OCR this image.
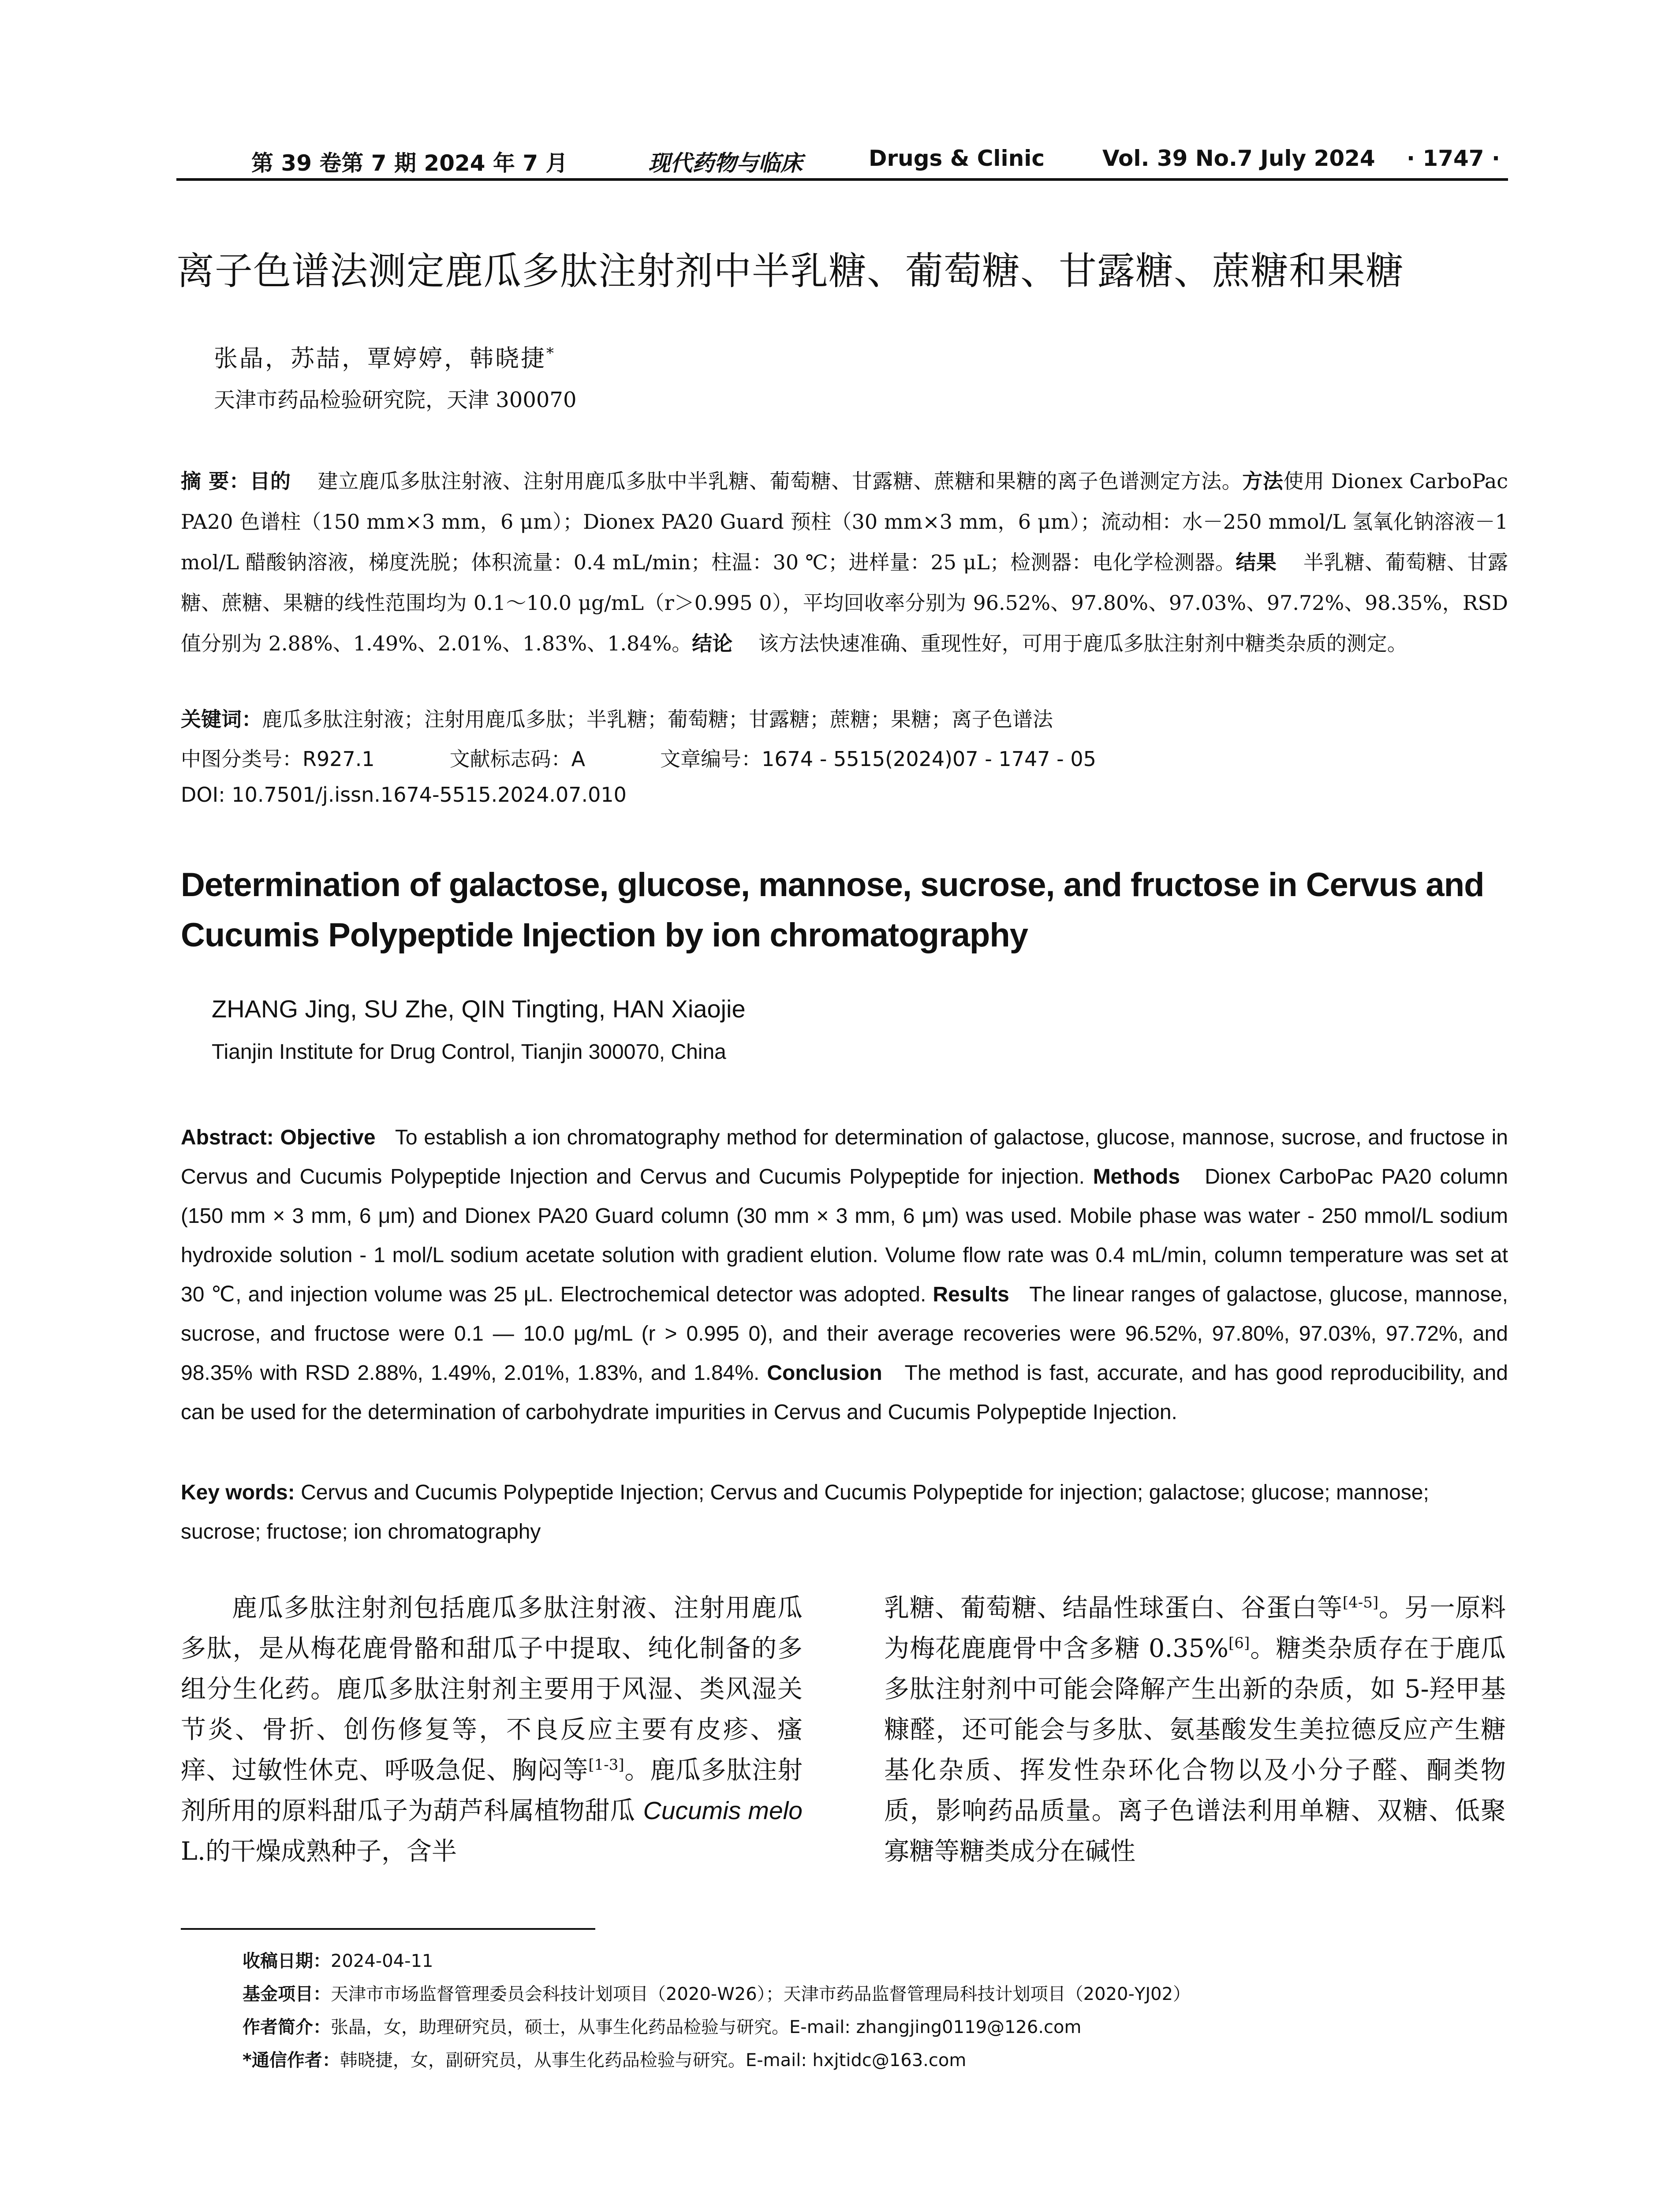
第 39 卷第 7 期 2024 年 7 月	现代药物与临床	Drugs & Clinic	Vol. 39 No.7 July 2024 · 1747 ·
离子色谱法测定鹿瓜多肽注射剂中半乳糖、葡萄糖、甘露糖、蔗糖和果糖
张晶，苏喆，覃婷婷，韩晓捷*
天津市药品检验研究院，天津 300070
摘 要：目的 建立鹿瓜多肽注射液、注射用鹿瓜多肽中半乳糖、葡萄糖、甘露糖、蔗糖和果糖的离子色谱测定方法。方法使用 Dionex CarboPac PA20 色谱柱（150 mm×3 mm，6 μm）；Dionex PA20 Guard 预柱（30 mm×3 mm，6 μm）；流动相：水－250 mmol/L 氢氧化钠溶液－1 mol/L 醋酸钠溶液，梯度洗脱；体积流量：0.4 mL/min；柱温：30 ℃；进样量：25 μL；检测器：电化学检测器。结果 半乳糖、葡萄糖、甘露糖、蔗糖、果糖的线性范围均为 0.1～10.0 μg/mL（r＞0.995 0），平均回收率分别为 96.52%、97.80%、97.03%、97.72%、98.35%，RSD 值分别为 2.88%、1.49%、2.01%、1.83%、1.84%。结论 该方法快速准确、重现性好，可用于鹿瓜多肽注射剂中糖类杂质的测定。
关键词：鹿瓜多肽注射液；注射用鹿瓜多肽；半乳糖；葡萄糖；甘露糖；蔗糖；果糖；离子色谱法
中图分类号：R927.1	文献标志码：A	文章编号：1674 - 5515(2024)07 - 1747 - 05
DOI: 10.7501/j.issn.1674-5515.2024.07.010
Determination of galactose, glucose, mannose, sucrose, and fructose in Cervus and Cucumis Polypeptide Injection by ion chromatography
ZHANG Jing, SU Zhe, QIN Tingting, HAN Xiaojie
Tianjin Institute for Drug Control, Tianjin 300070, China
Abstract: Objective To establish a ion chromatography method for determination of galactose, glucose, mannose, sucrose, and fructose in Cervus and Cucumis Polypeptide Injection and Cervus and Cucumis Polypeptide for injection. Methods Dionex CarboPac PA20 column (150 mm × 3 mm, 6 μm) and Dionex PA20 Guard column (30 mm × 3 mm, 6 μm) was used. Mobile phase was water - 250 mmol/L sodium hydroxide solution - 1 mol/L sodium acetate solution with gradient elution. Volume flow rate was 0.4 mL/min, column temperature was set at 30 ℃, and injection volume was 25 μL. Electrochemical detector was adopted. Results The linear ranges of galactose, glucose, mannose, sucrose, and fructose were 0.1 — 10.0 μg/mL (r > 0.995 0), and their average recoveries were 96.52%, 97.80%, 97.03%, 97.72%, and 98.35% with RSD 2.88%, 1.49%, 2.01%, 1.83%, and 1.84%. Conclusion The method is fast, accurate, and has good reproducibility, and can be used for the determination of carbohydrate impurities in Cervus and Cucumis Polypeptide Injection.
Key words: Cervus and Cucumis Polypeptide Injection; Cervus and Cucumis Polypeptide for injection; galactose; glucose; mannose; sucrose; fructose; ion chromatography
鹿瓜多肽注射剂包括鹿瓜多肽注射液、注射用鹿瓜多肽，是从梅花鹿骨骼和甜瓜子中提取、纯化制备的多组分生化药。鹿瓜多肽注射剂主要用于风湿、类风湿关节炎、骨折、创伤修复等，不良反应主要有皮疹、瘙痒、过敏性休克、呼吸急促、胸闷等[1-3]。鹿瓜多肽注射剂所用的原料甜瓜子为葫芦科属植物甜瓜 Cucumis melo L.的干燥成熟种子，含半
乳糖、葡萄糖、结晶性球蛋白、谷蛋白等[4-5]。另一原料为梅花鹿鹿骨中含多糖 0.35%[6]。糖类杂质存在于鹿瓜多肽注射剂中可能会降解产生出新的杂质，如 5-羟甲基糠醛，还可能会与多肽、氨基酸发生美拉德反应产生糖基化杂质、挥发性杂环化合物以及小分子醛、酮类物质，影响药品质量。离子色谱法利用单糖、双糖、低聚寡糖等糖类成分在碱性
收稿日期：2024-04-11
基金项目：天津市市场监督管理委员会科技计划项目（2020-W26）；天津市药品监督管理局科技计划项目（2020-YJ02）
作者简介：张晶，女，助理研究员，硕士，从事生化药品检验与研究。E-mail: zhangjing0119@126.com
*通信作者：韩晓捷，女，副研究员，从事生化药品检验与研究。E-mail: hxjtidc@163.com
